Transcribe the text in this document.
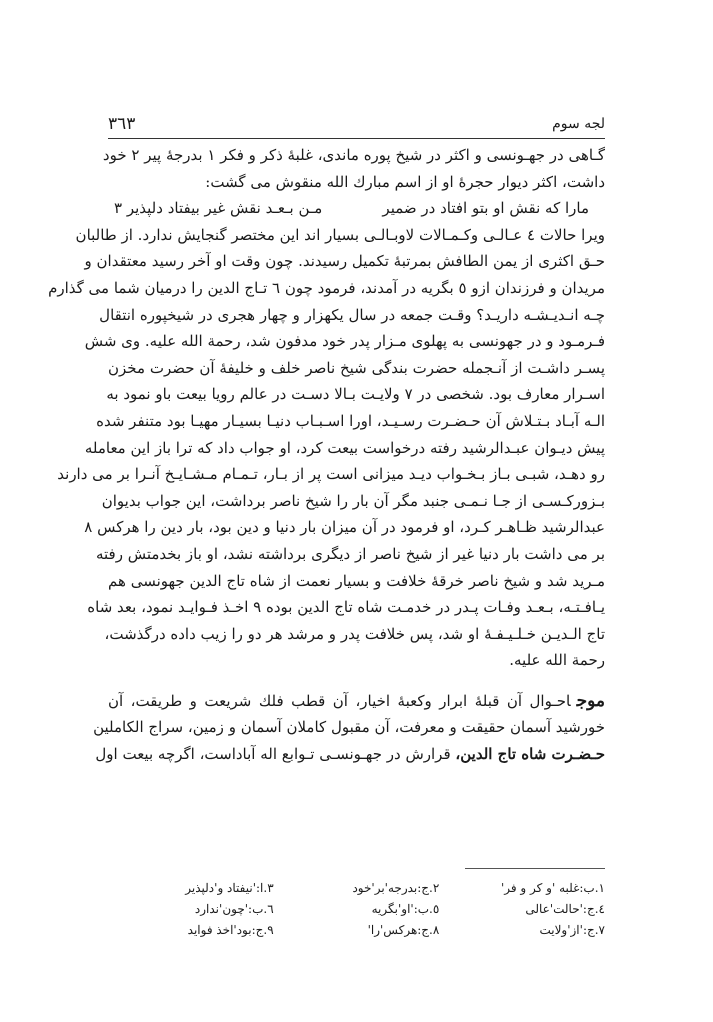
لجه سوم
٣٦٣
گـاهی در جهـونسی و اکثر در شیخ پوره ماندی، غلبهٔ ذکر و فکر ١ بدرجهٔ پیر ٢ خود
داشت، اکثر دیوار حجرهٔ او از اسم مبارك الله منقوش می گشت:
مارا که نقش او بتو افتاد در ضمیر
مـن بـعـد نقش غیر بیفتاد دلپذیر ٣
ویرا حالات ٤ عـالـی وکـمـالات لاوبـالـی بسیار اند این مختصر گنجایش ندارد. از طالبان
حـق اکثری از یمن الطافش بمرتبهٔ تکمیل رسیدند. چون وقت او آخر رسید معتقدان و
مریدان و فرزندان ازو ٥ بگریه در آمدند، فرمود چون ٦ تـاج الدین را درمیان شما می گذارم
چـه انـدیـشـه داریـد؟ وقـت جمعه در سال یکهزار و چهار هجری در شیخپوره انتقال
فـرمـود و در جهونسی به پهلوی مـزار پدر خود مدفون شد، رحمة الله علیه. وی شش
پسـر داشـت از آنـجمله حضرت بندگی شیخ ناصر خلف و خلیفهٔ آن حضرت مخزن
اسـرار معارف بود. شخصی در ٧ ولایـت بـالا دسـت در عالم رویا بیعت باو نمود به
الـه آبـاد بـتـلاش آن حـضـرت رسـیـد، اورا اسـبـاب دنیـا بسیـار مهیـا بود متنفر شده
پیش دیـوان عبـدالرشید رفته درخواست بیعت کرد، او جواب داد که ترا باز این معامله
رو دهـد، شبـی بـاز بـخـواب دیـد میزانی است پر از بـار، تـمـام مـشـایـخ آنـرا بر می دارند
بـزورکـسـی از جـا نـمـی جنبد مگر آن بار را شیخ ناصر برداشت، این جواب بدیوان
عبدالرشید ظـاهـر کـرد، او فرمود در آن میزان بار دنیا و دین بود، بار دین را هرکس ٨
بر می داشت بار دنیا غیر از شیخ ناصر از دیگری برداشته نشد، او باز بخدمتش رفته
مـرید شد و شیخ ناصر خرقهٔ خلافت و بسیار نعمت از شاه تاج الدین جهونسی هم
یـافـتـه، بـعـد وفـات پـدر در خدمـت شاه تاج الدین بوده ٩ اخـذ فـوایـد نمود، بعد شاه
تاج الـدیـن خـلـیـفـهٔ او شد، پس خلافت پدر و مرشد هر دو را زیب داده درگذشت،
رحمة الله علیه.
موجاحـوال آن قبلهٔ ابرار وکعبهٔ اخیار، آن قطب فلك شریعت و طریقت، آن
خورشید آسمان حقیقت و معرفت، آن مقبول کاملان آسمان و زمین، سراج الکاملین
حـضـرت شاه تاج الدین، قرارش در جهـونسـی تـوابع اله آباداست، اگرچه بیعت اول
١.ب:غلبه 'و کر و فر'
٢.ج:بدرجه'بر'خود
٣.ا:'نیفتاد و'دلپذیر
٤.ج:'حالت'عالی
٥.ب:'او'بگریه
٦.ب:'چون'ندارد
٧.ج:'از'ولایت
٨.ج:هرکس'را'
٩.ج:بود'اخذ فواید
